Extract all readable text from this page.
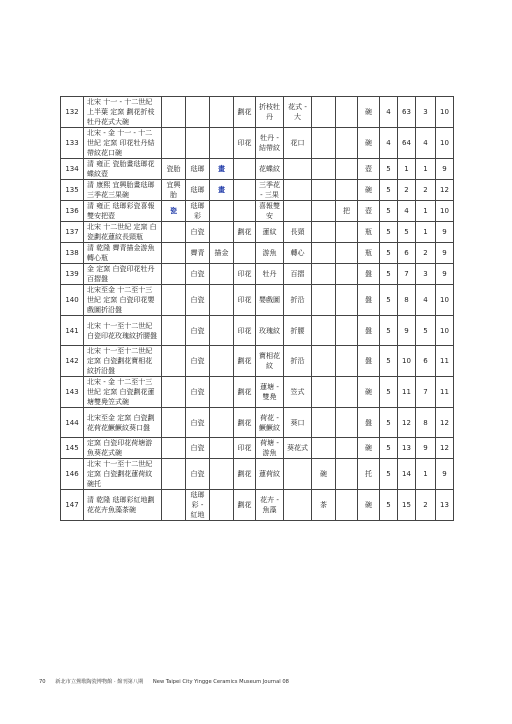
132	北宋 十一 - 十二世紀上半葉 定窯 劃花折枝牡丹花式大碗				劃花	折枝牡丹	花式 - 大			碗	4	63	3	10
133	北宋 - 金 十一 - 十二世紀 定窯 印花牡丹結帶紋花口碗				印花	牡丹 - 結帶紋	花口			碗	4	64	4	10
134	清 雍正 瓷胎畫琺瑯花蝶紋壺	瓷胎	琺瑯	畫		花蝶紋				壺	5	1	1	9
135	清 康熙 宜興胎畫琺瑯三季花三果碗	宜興胎	琺瑯	畫		三季花 - 三果				碗	5	2	2	12
136	清 雍正 琺瑯彩瓷喜報雙安把壺	瓷	琺瑯彩			喜報雙安			把	壺	5	4	1	10
137	北宋 十二世紀 定窯 白瓷劃花蓮紋長頸瓶		白瓷		劃花	蓮紋	長頸			瓶	5	5	1	9
138	清 乾隆 霽青描金游魚轉心瓶		霽青	描金		游魚	轉心			瓶	5	6	2	9
139	金 定窯 白瓷印花牡丹百摺盤		白瓷		印花	牡丹	百摺			盤	5	7	3	9
140	北宋至金 十二至十三世紀 定窯 白瓷印花嬰戲圖折沿盤		白瓷		印花	嬰戲圖	折沿			盤	5	8	4	10
141	北宋 十一至十二世紀 白瓷印花玫瑰紋折腰盤		白瓷		印花	玫瑰紋	折腰			盤	5	9	5	10
142	北宋 十一至十二世紀 定窯 白瓷劃花寶相花紋折沿盤		白瓷		劃花	寶相花紋	折沿			盤	5	10	6	11
143	北宋 - 金 十二至十三世紀 定窯 白瓷劃花蓮塘雙鳧笠式碗		白瓷		劃花	蓮塘 - 雙鳧	笠式			碗	5	11	7	11
144	北宋至金 定窯 白瓷劃花荷花鱖鱖紋葵口盤		白瓷		劃花	荷花 - 鱖鱖紋	葵口			盤	5	12	8	12
145	定窯 白瓷印花荷塘游魚葵花式碗		白瓷		印花	荷塘 - 游魚	葵花式			碗	5	13	9	12
146	北宋 十一至十二世紀 定窯 白瓷劃花蓮荷紋碗托		白瓷		劃花	蓮荷紋		碗		托	5	14	1	9
147	清 乾隆 琺瑯彩紅地劃花花卉魚藻茶碗		琺瑯彩 - 紅地		劃花	花卉 - 魚藻		茶		碗	5	15	2	13
70 新北市立鶯歌陶瓷博物館 · 館刊第八期 New Taipei City Yingge Ceramics Museum Journal 08
